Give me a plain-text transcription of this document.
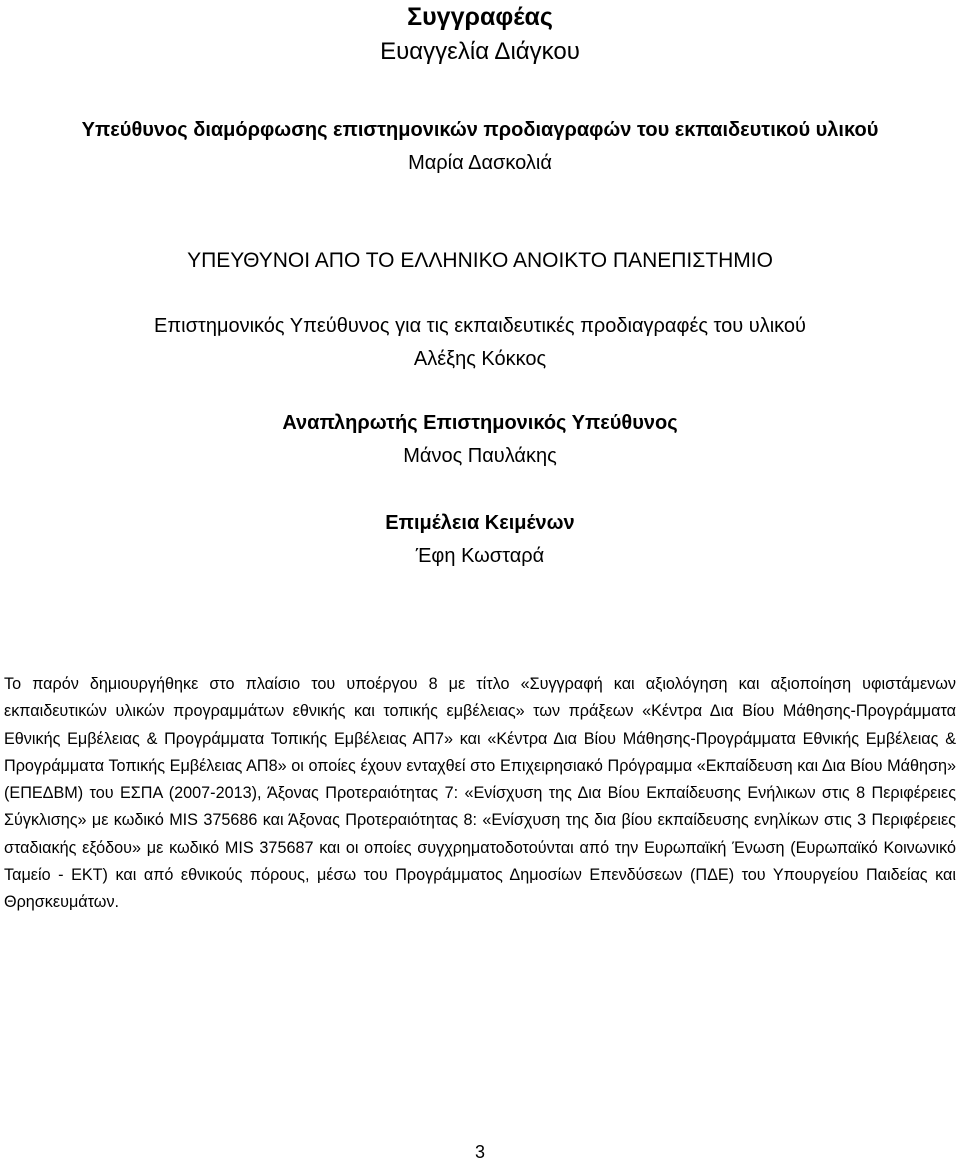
Συγγραφέας
Ευαγγελία Διάγκου
Υπεύθυνος διαμόρφωσης επιστημονικών προδιαγραφών του εκπαιδευτικού υλικού
Μαρία Δασκολιά
ΥΠΕΥΘΥΝΟΙ ΑΠΟ ΤΟ ΕΛΛΗΝΙΚΟ ΑΝΟΙΚΤΟ ΠΑΝΕΠΙΣΤΗΜΙΟ
Επιστημονικός Υπεύθυνος για τις εκπαιδευτικές προδιαγραφές του υλικού
Αλέξης Κόκκος
Αναπληρωτής Επιστημονικός Υπεύθυνος
Μάνος Παυλάκης
Επιμέλεια Κειμένων
Έφη Κωσταρά
Το παρόν δημιουργήθηκε στο πλαίσιο του υποέργου 8 με τίτλο «Συγγραφή και αξιολόγηση και αξιοποίηση υφιστάμενων εκπαιδευτικών υλικών προγραμμάτων εθνικής και τοπικής εμβέλειας» των πράξεων «Κέντρα Δια Βίου Μάθησης-Προγράμματα Εθνικής Εμβέλειας & Προγράμματα Τοπικής Εμβέλειας ΑΠ7» και «Κέντρα Δια Βίου Μάθησης-Προγράμματα Εθνικής Εμβέλειας & Προγράμματα Τοπικής Εμβέλειας ΑΠ8» οι οποίες έχουν ενταχθεί στο Επιχειρησιακό Πρόγραμμα «Εκπαίδευση και Δια Βίου Μάθηση» (ΕΠΕΔΒΜ) του ΕΣΠΑ (2007-2013), Άξονας Προτεραιότητας 7: «Ενίσχυση της Δια Βίου Εκπαίδευσης Ενήλικων στις 8 Περιφέρειες Σύγκλισης» με κωδικό MIS 375686 και Άξονας Προτεραιότητας 8: «Ενίσχυση της δια βίου εκπαίδευσης ενηλίκων στις 3 Περιφέρειες σταδιακής εξόδου» με κωδικό MIS 375687 και οι οποίες συγχρηματοδοτούνται από την Ευρωπαϊκή Ένωση (Ευρωπαϊκό Κοινωνικό Ταμείο - ΕΚΤ) και από εθνικούς πόρους, μέσω του Προγράμματος Δημοσίων Επενδύσεων (ΠΔΕ) του Υπουργείου Παιδείας και Θρησκευμάτων.
3
